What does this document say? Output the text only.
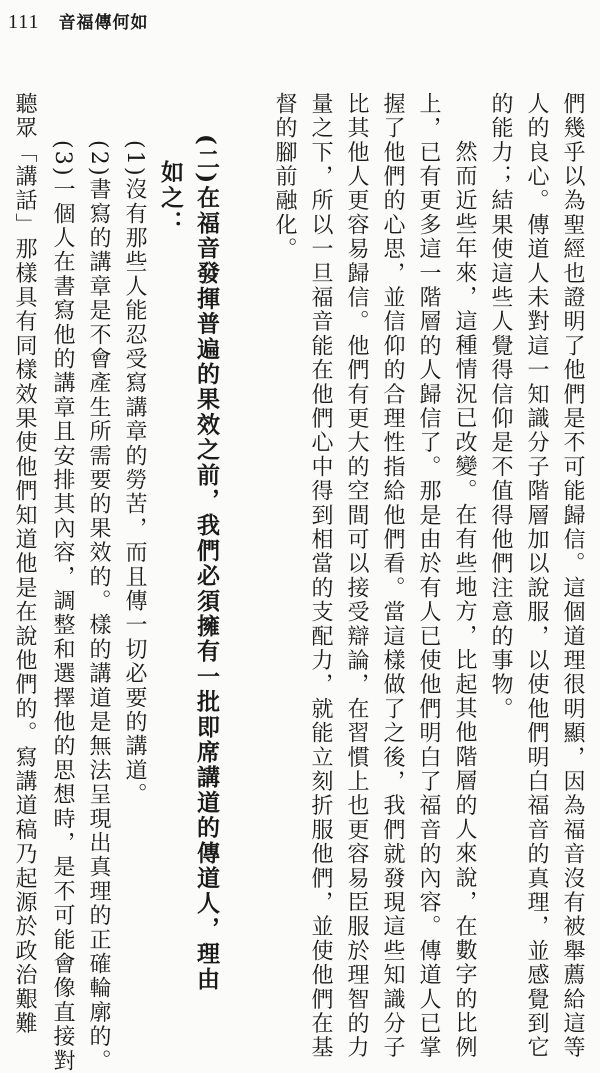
111 音福傳何如
們幾乎以為聖經也證明了他們是不可能歸信。這個道理很明顯，因為福音沒有被舉薦給這等
人的良心。傳道人未對這一知識分子階層加以說服，以使他們明白福音的真理，並感覺到它
的能力；結果使這些人覺得信仰是不值得他們注意的事物。
然而近些年來，這種情況已改變。在有些地方，比起其他階層的人來說，在數字的比例
上，已有更多這一階層的人歸信了。那是由於有人已使他們明白了福音的內容。傳道人已掌
握了他們的心思，並信仰的合理性指給他們看。當這樣做了之後，我們就發現這些知識分子
比其他人更容易歸信。他們有更大的空間可以接受辯論，在習慣上也更容易臣服於理智的力
量之下，所以一旦福音能在他們心中得到相當的支配力，就能立刻折服他們，並使他們在基
督的腳前融化。
(二)在福音發揮普遍的果效之前，我們必須擁有一批即席講道的傳道人，理由
如之：
(1)沒有那些人能忍受寫講章的勞苦，而且傳一切必要的講道。
(2)書寫的講章是不會產生所需要的果效的。樣的講道是無法呈現出真理的正確輪廓的。
(3)一個人在書寫他的講章且安排其內容，調整和選擇他的思想時，是不可能會像直接對
聽眾「講話」那樣具有同樣效果使他們知道他是在說他們的。寫講道稿乃起源於政治艱難
